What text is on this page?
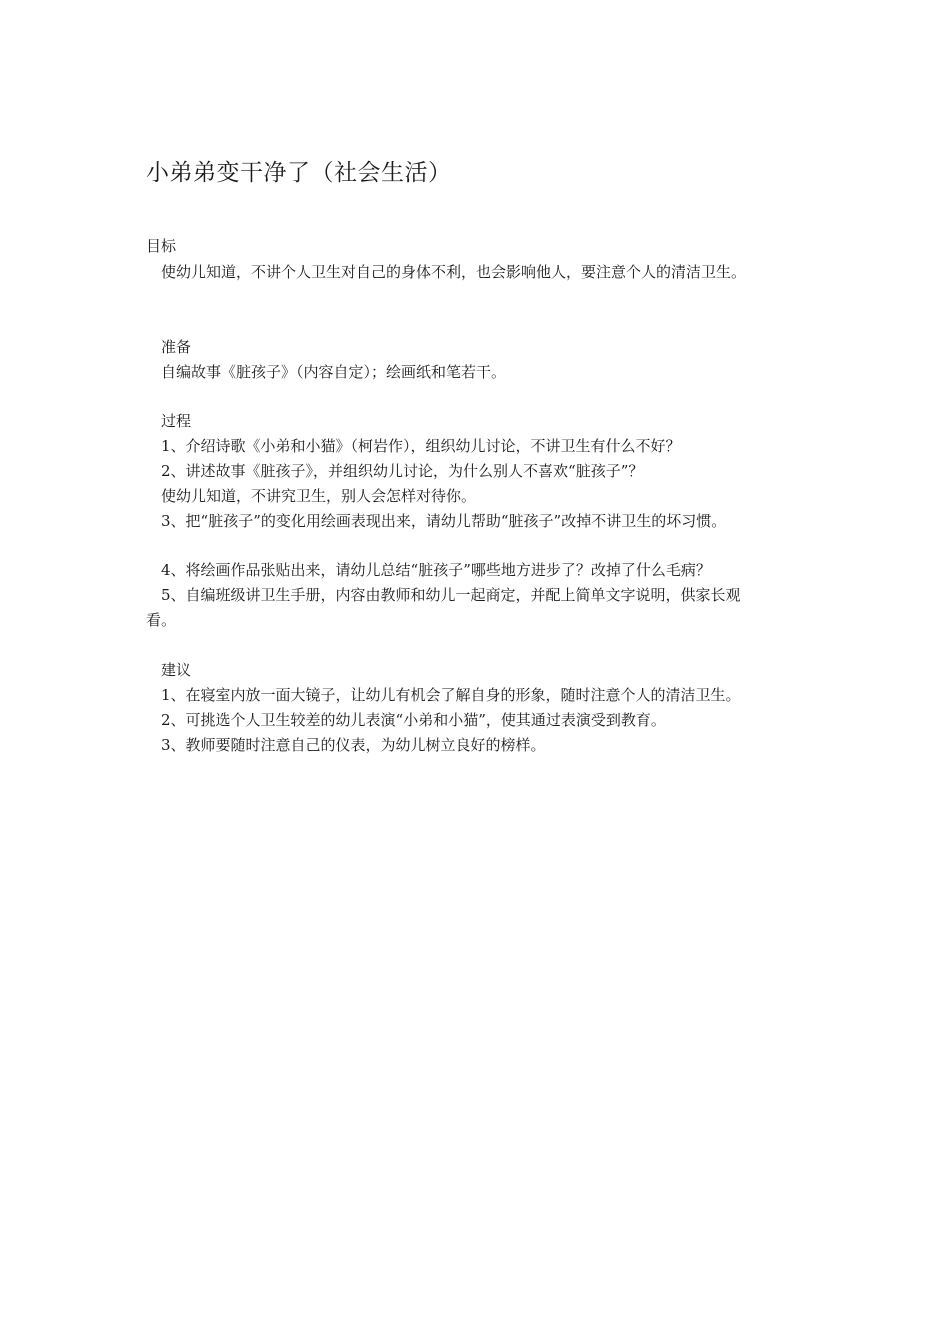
小弟弟变干净了（社会生活）
目标
使幼儿知道，不讲个人卫生对自己的身体不利，也会影响他人，要注意个人的清洁卫生。
准备
自编故事《脏孩子》（内容自定）；绘画纸和笔若干。
过程
1、介绍诗歌《小弟和小猫》（柯岩作），组织幼儿讨论，不讲卫生有什么不好？
2、讲述故事《脏孩子》，并组织幼儿讨论，为什么别人不喜欢“脏孩子”？
使幼儿知道，不讲究卫生，别人会怎样对待你。
3、把“脏孩子”的变化用绘画表现出来，请幼儿帮助“脏孩子”改掉不讲卫生的坏习惯。
4、将绘画作品张贴出来，请幼儿总结“脏孩子”哪些地方进步了？改掉了什么毛病？
5、自编班级讲卫生手册，内容由教师和幼儿一起商定，并配上简单文字说明，供家长观
看。
建议
1、在寝室内放一面大镜子，让幼儿有机会了解自身的形象，随时注意个人的清洁卫生。
2、可挑选个人卫生较差的幼儿表演“小弟和小猫”，使其通过表演受到教育。
3、教师要随时注意自己的仪表，为幼儿树立良好的榜样。
